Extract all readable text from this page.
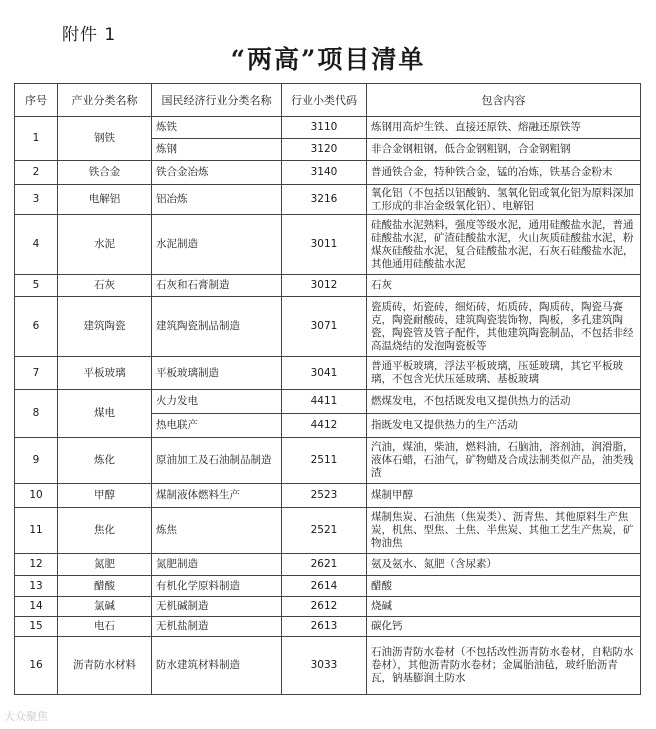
附件 1
“两高”项目清单
序号	产业分类名称	国民经济行业分类名称	行业小类代码	包含内容
1	钢铁	炼铁	3110	炼钢用高炉生铁、直接还原铁、熔融还原铁等
		炼钢	3120	非合金钢粗钢，低合金钢粗钢，合金钢粗钢
2	铁合金	铁合金冶炼	3140	普通铁合金，特种铁合金，锰的冶炼，铁基合金粉末
3	电解铝	铝冶炼	3216	氧化铝（不包括以铝酸钠、氢氧化铝或氧化铝为原料深加工形成的非冶金级氧化铝）、电解铝
4	水泥	水泥制造	3011	硅酸盐水泥熟料，强度等级水泥，通用硅酸盐水泥，普通硅酸盐水泥，矿渣硅酸盐水泥，火山灰质硅酸盐水泥，粉煤灰硅酸盐水泥，复合硅酸盐水泥，石灰石硅酸盐水泥，其他通用硅酸盐水泥
5	石灰	石灰和石膏制造	3012	石灰
6	建筑陶瓷	建筑陶瓷制品制造	3071	瓷质砖，炻瓷砖，细炻砖，炻质砖，陶质砖，陶瓷马赛克，陶瓷耐酸砖，建筑陶瓷装饰物，陶板，多孔建筑陶瓷，陶瓷管及管子配件，其他建筑陶瓷制品，不包括非经高温烧结的发泡陶瓷板等
7	平板玻璃	平板玻璃制造	3041	普通平板玻璃，浮法平板玻璃，压延玻璃，其它平板玻璃，不包含光伏压延玻璃、基板玻璃
8	煤电	火力发电	4411	燃煤发电，不包括既发电又提供热力的活动
		热电联产	4412	指既发电又提供热力的生产活动
9	炼化	原油加工及石油制品制造	2511	汽油，煤油，柴油，燃料油，石脑油，溶剂油，润滑脂，液体石蜡，石油气，矿物蜡及合成法制类似产品，油类残渣
10	甲醇	煤制液体燃料生产	2523	煤制甲醇
11	焦化	炼焦	2521	煤制焦炭、石油焦（焦炭类）、沥青焦、其他原料生产焦炭，机焦、型焦、土焦、半焦炭、其他工艺生产焦炭，矿物油焦
12	氮肥	氮肥制造	2621	氨及氨水、氮肥（含尿素）
13	醋酸	有机化学原料制造	2614	醋酸
14	氯碱	无机碱制造	2612	烧碱
15	电石	无机盐制造	2613	碳化钙
16	沥青防水材料	防水建筑材料制造	3033	石油沥青防水卷材（不包括改性沥青防水卷材，自粘防水卷材），其他沥青防水卷材；金属胎油毡，玻纤胎沥青瓦，钠基膨润土防水
大众聚焦
